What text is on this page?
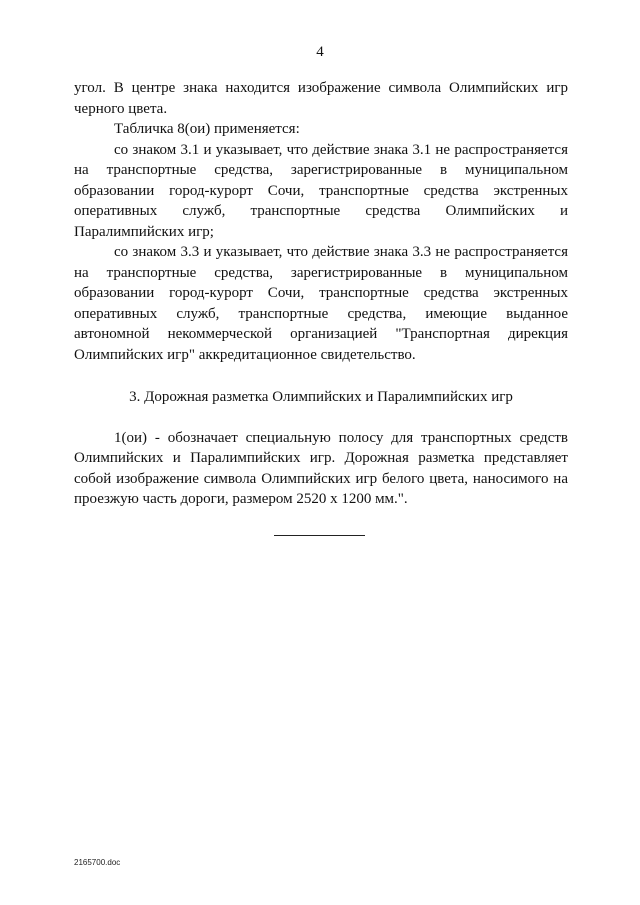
4

угол. В центре знака находится изображение символа Олимпийских игр черного цвета.

Табличка 8(ои) применяется:

со знаком 3.1 и указывает, что действие знака 3.1 не распространяется на транспортные средства, зарегистрированные в муниципальном образовании город-курорт Сочи, транспортные средства экстренных оперативных служб, транспортные средства Олимпийских и Паралимпийских игр;

со знаком 3.3 и указывает, что действие знака 3.3 не распространяется на транспортные средства, зарегистрированные в муниципальном образовании город-курорт Сочи, транспортные средства экстренных оперативных служб, транспортные средства, имеющие выданное автономной некоммерческой организацией "Транспортная дирекция Олимпийских игр" аккредитационное свидетельство.

3. Дорожная разметка Олимпийских и Паралимпийских игр

1(ои) - обозначает специальную полосу для транспортных средств Олимпийских и Паралимпийских игр. Дорожная разметка представляет собой изображение символа Олимпийских игр белого цвета, наносимого на проезжую часть дороги, размером 2520 х 1200 мм.".

2165700.doc
